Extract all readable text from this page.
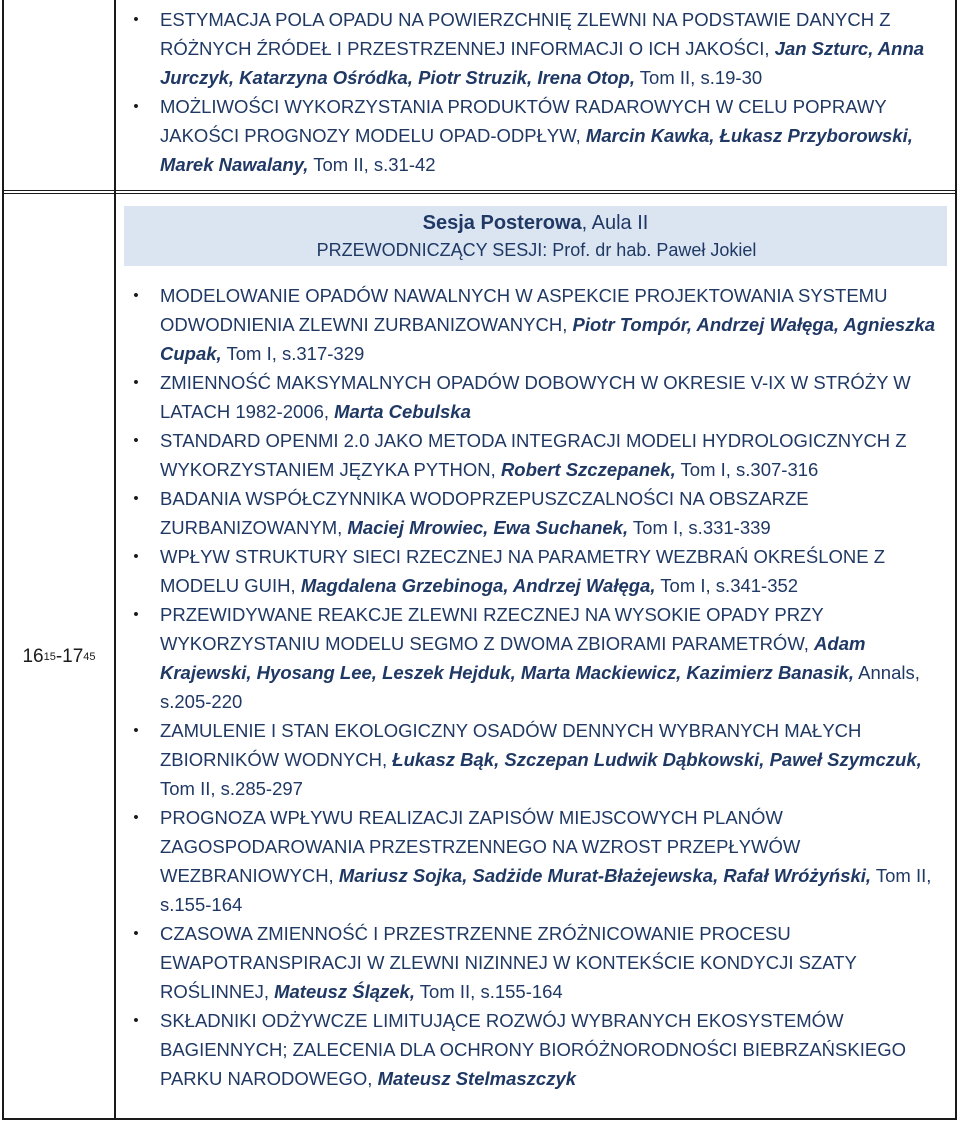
• ESTYMACJA POLA OPADU NA POWIERZCHNIĘ ZLEWNI NA PODSTAWIE DANYCH Z RÓŻNYCH ŹRÓDEŁ I PRZESTRZENNEJ INFORMACJI O ICH JAKOŚCI, Jan Szturc, Anna Jurczyk, Katarzyna Ośródka, Piotr Struzik, Irena Otop, Tom II, s.19-30
• MOŻLIWOŚCI WYKORZYSTANIA PRODUKTÓW RADAROWYCH W CELU POPRAWY JAKOŚCI PROGNOZY MODELU OPAD-ODPŁYW, Marcin Kawka, Łukasz Przyborowski, Marek Nawalany, Tom II, s.31-42
16 15 - 17 45
Sesja Posterowa, Aula II
PRZEWODNICZĄCY SESJI: Prof. dr hab. Paweł Jokiel
• MODELOWANIE OPADÓW NAWALNYCH W ASPEKCIE PROJEKTOWANIA SYSTEMU ODWODNIENIA ZLEWNI ZURBANIZOWANYCH, Piotr Tompór, Andrzej Wałęga, Agnieszka Cupak, Tom I, s.317-329
• ZMIENNOŚĆ MAKSYMALNYCH OPADÓW DOBOWYCH W OKRESIE V-IX W STRÓŻY W LATACH 1982-2006, Marta Cebulska
• STANDARD OPENMI 2.0 JAKO METODA INTEGRACJI MODELI HYDROLOGICZNYCH Z WYKORZYSTANIEM JĘZYKA PYTHON, Robert Szczepanek, Tom I, s.307-316
• BADANIA WSPÓŁCZYNNIKA WODOPRZEPUSZCZALNOŚCI NA OBSZARZE ZURBANIZOWANYM, Maciej Mrowiec, Ewa Suchanek, Tom I, s.331-339
• WPŁYW STRUKTURY SIECI RZECZNEJ NA PARAMETRY WEZBRAŃ OKREŚLONE Z MODELU GUIH, Magdalena Grzebinoga, Andrzej Wałęga, Tom I, s.341-352
• PRZEWIDYWANE REAKCJE ZLEWNI RZECZNEJ NA WYSOKIE OPADY PRZY WYKORZYSTANIU MODELU SEGMO Z DWOMA ZBIORAMI PARAMETRÓW, Adam Krajewski, Hyosang Lee, Leszek Hejduk, Marta Mackiewicz, Kazimierz Banasik, Annals, s.205-220
• ZAMULENIE I STAN EKOLOGICZNY OSADÓW DENNYCH WYBRANYCH MAŁYCH ZBIORNIKÓW WODNYCH, Łukasz Bąk, Szczepan Ludwik Dąbkowski, Paweł Szymczuk, Tom II, s.285-297
• PROGNOZA WPŁYWU REALIZACJI ZAPISÓW MIEJSCOWYCH PLANÓW ZAGOSPODAROWANIA PRZESTRZENNEGO NA WZROST PRZEPŁYWÓW WEZBRANIOWYCH, Mariusz Sojka, Sadżide Murat-Błażejewska, Rafał Wróżyński, Tom II, s.155-164
• CZASOWA ZMIENNOŚĆ I PRZESTRZENNE ZRÓŻNICOWANIE PROCESU EWAPOTRANSPIRACJI W ZLEWNI NIZINNEJ W KONTEKŚCIE KONDYCJI SZATY ROŚLINNEJ, Mateusz Ślązek, Tom II, s.155-164
• SKŁADNIKI ODŻYWCZE LIMITUJĄCE ROZWÓJ WYBRANYCH EKOSYSTEMÓW BAGIENNYCH; ZALECENIA DLA OCHRONY BIORÓŻNORODNOŚCI BIEBRZAŃSKIEGO PARKU NARODOWEGO, Mateusz Stelmaszczyk
